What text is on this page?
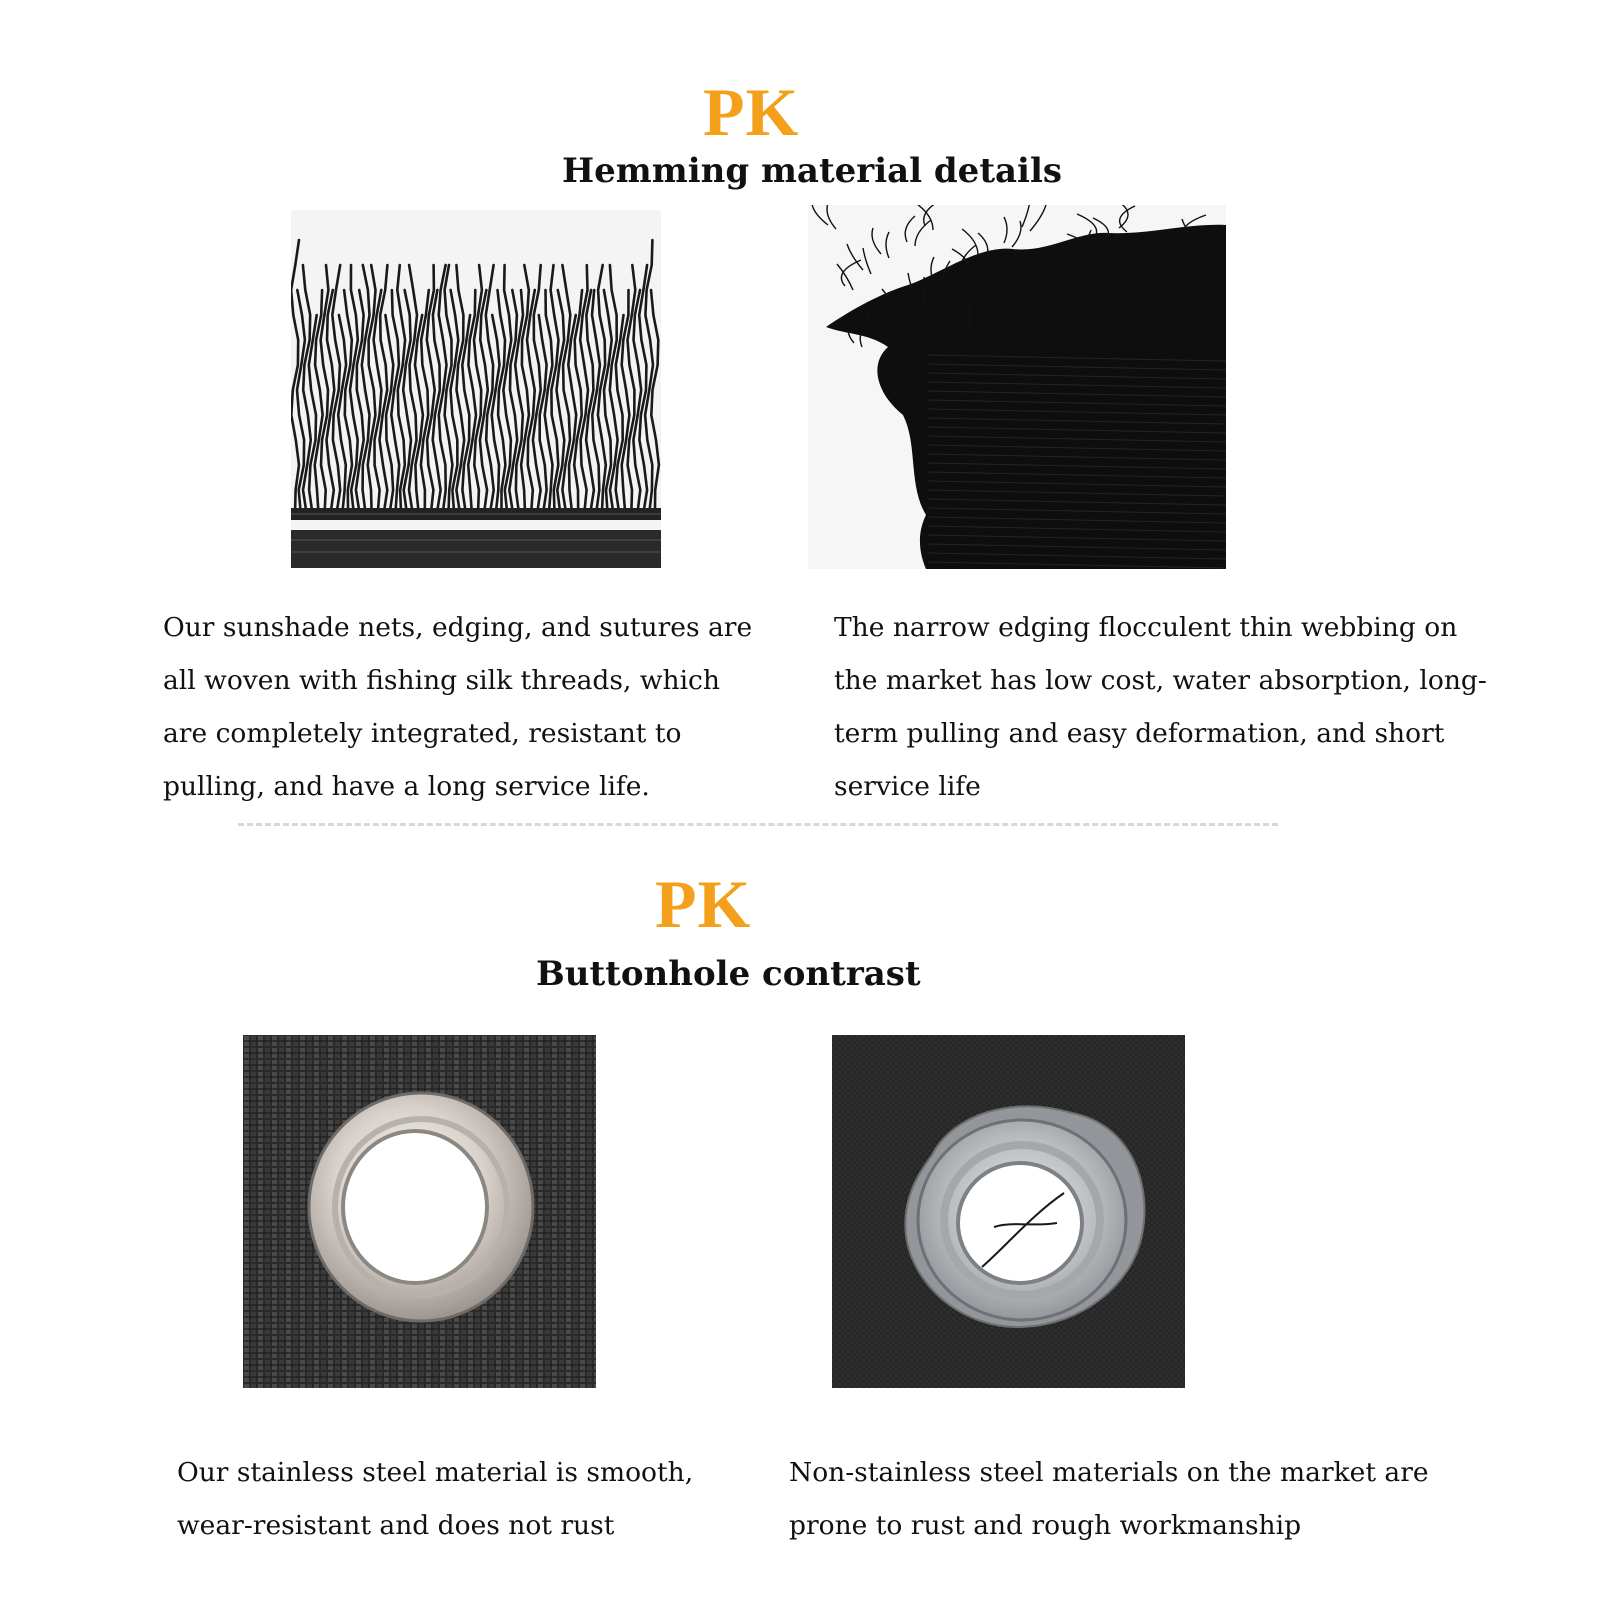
PK
Hemming material details

Our sunshade nets, edging, and sutures are all woven with fishing silk threads, which are completely integrated, resistant to pulling, and have a long service life.

The narrow edging flocculent thin webbing on the market has low cost, water absorption, long-term pulling and easy deformation, and short service life

PK
Buttonhole contrast

Our stainless steel material is smooth, wear-resistant and does not rust

Non-stainless steel materials on the market are prone to rust and rough workmanship
